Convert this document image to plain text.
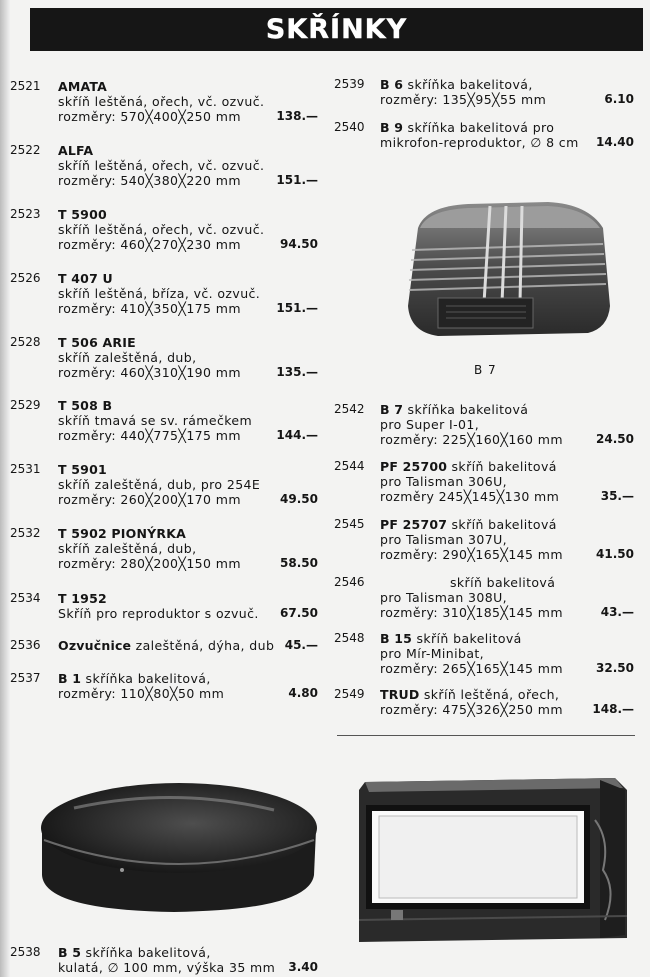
SKŘÍNKY
B 7
2521 AMATA
skříň leštěná, ořech, vč. ozvuč.
rozměry: 570╳400╳250 mm	138.—
2522 ALFA
skříň leštěná, ořech, vč. ozvuč.
rozměry: 540╳380╳220 mm	151.—
2523 T 5900
skříň leštěná, ořech, vč. ozvuč.
rozměry: 460╳270╳230 mm	94.50
2526 T 407 U
skříň leštěná, bříza, vč. ozvuč.
rozměry: 410╳350╳175 mm	151.—
2528 T 506 ARIE
skříň zaleštěná, dub,
rozměry: 460╳310╳190 mm	135.—
2529 T 508 B
skříň tmavá se sv. rámečkem
rozměry: 440╳775╳175 mm	144.—
2531 T 5901
skříň zaleštěná, dub, pro 254E
rozměry: 260╳200╳170 mm	49.50
2532 T 5902 PIONÝRKA
skříň zaleštěná, dub,
rozměry: 280╳200╳150 mm	58.50
2534 T 1952
Skříň pro reproduktor s ozvuč. 67.50
2536 Ozvučnice zaleštěná, dýha, dub 45.—
2537 B 1 skříňka bakelitová,
rozměry: 110╳80╳50 mm	4.80
2538 B 5 skříňka bakelitová,
kulatá, ∅ 100 mm, výška 35 mm 3.40
2539 B 6 skříňka bakelitová,
rozměry: 135╳95╳55 mm	6.10
2540 B 9 skříňka bakelitová pro
mikrofon-reproduktor, ∅ 8 cm 14.40
2542 B 7 skříňka bakelitová
pro Super I-01,
rozměry: 225╳160╳160 mm	24.50
2544 PF 25700 skříň bakelitová
pro Talisman 306U,
rozměry 245╳145╳130 mm	35.—
2545 PF 25707 skříň bakelitová
pro Talisman 307U,
rozměry: 290╳165╳145 mm	41.50
2546	skříň bakelitová
pro Talisman 308U,
rozměry: 310╳185╳145 mm	43.—
2548 B 15 skříň bakelitová
pro Mír-Minibat,
rozměry: 265╳165╳145 mm	32.50
2549 TRUD skříň leštěná, ořech,
rozměry: 475╳326╳250 mm 148.—
